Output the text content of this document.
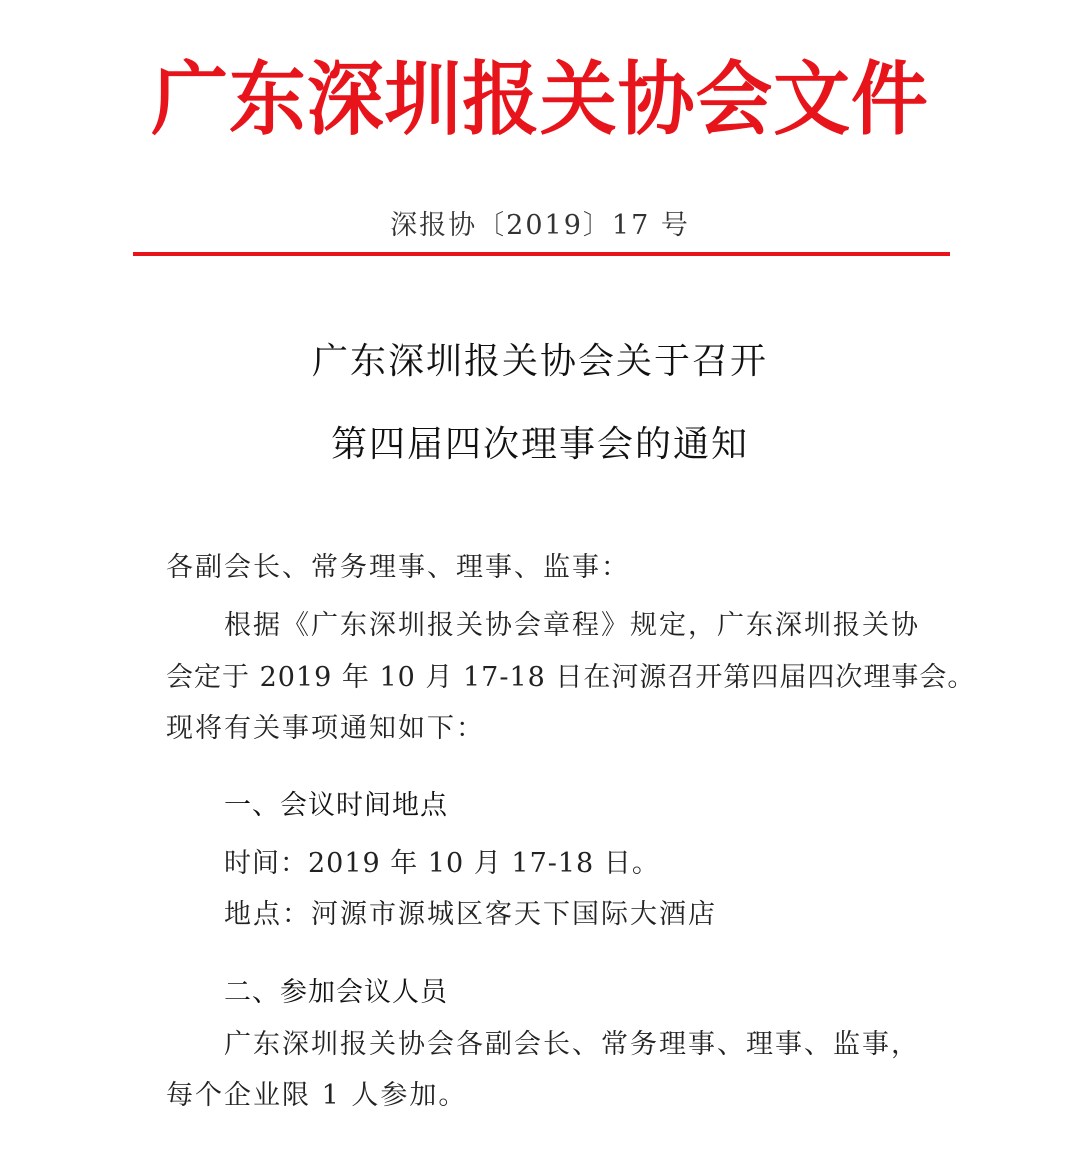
广东深圳报关协会文件
深报协〔2019〕17 号
广东深圳报关协会关于召开
第四届四次理事会的通知
各副会长、常务理事、理事、监事：
根据《广东深圳报关协会章程》规定，广东深圳报关协
会定于 2019 年 10 月 17-18 日在河源召开第四届四次理事会。
现将有关事项通知如下：
一、会议时间地点
时间：2019 年 10 月 17-18 日。
地点：河源市源城区客天下国际大酒店
二、参加会议人员
广东深圳报关协会各副会长、常务理事、理事、监事，
每个企业限 1 人参加。
